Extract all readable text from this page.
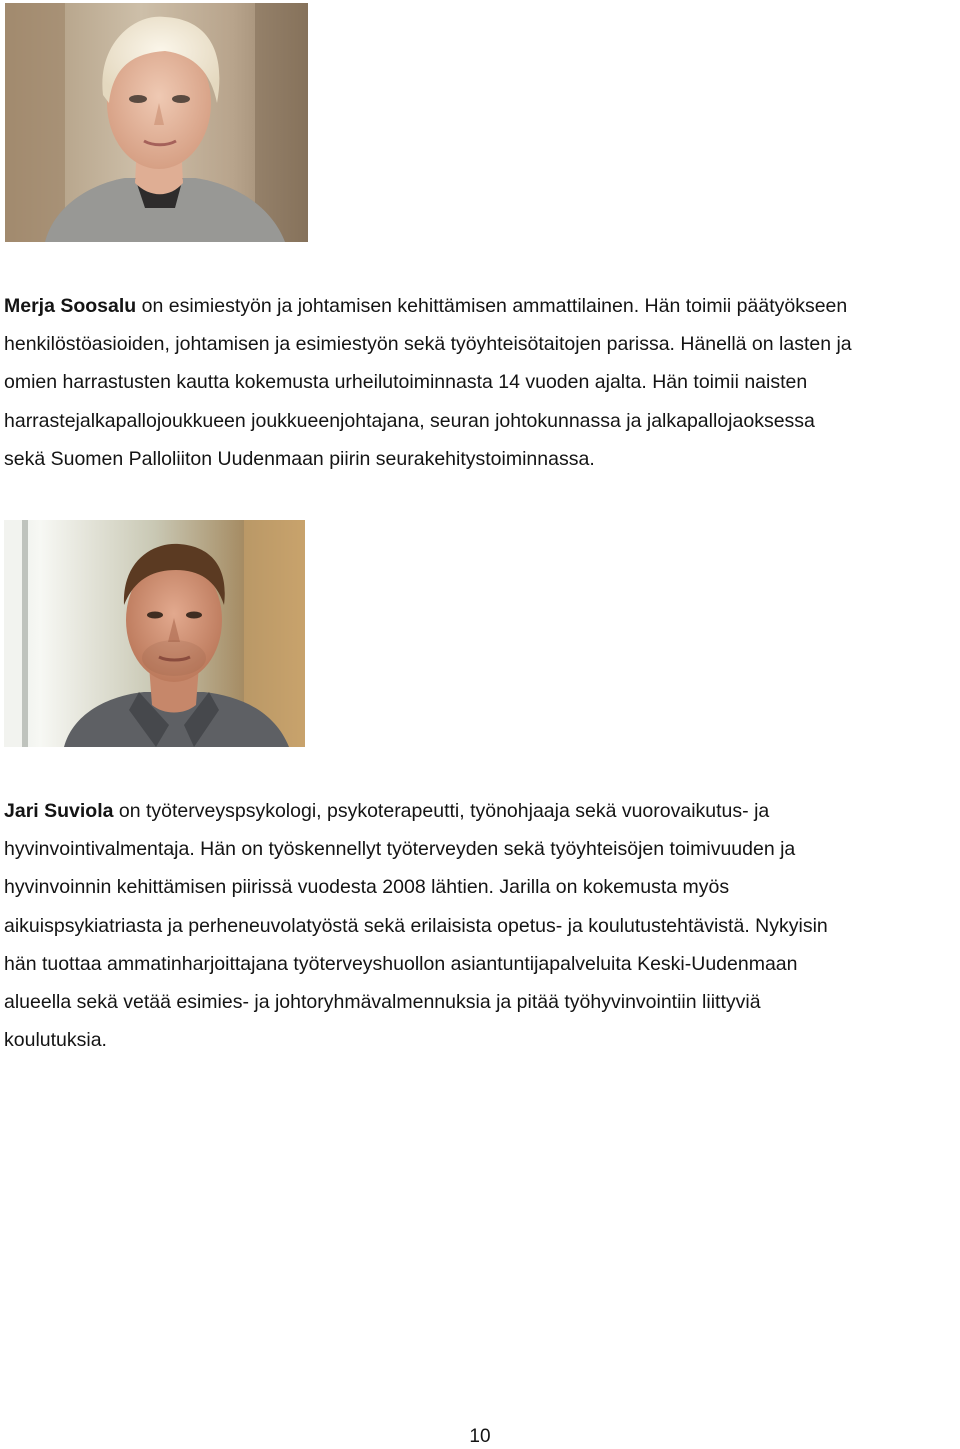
Merja Soosalu on esimiestyön ja johtamisen kehittämisen ammattilainen. Hän toimii päätyökseen
henkilöstöasioiden, johtamisen ja esimiestyön sekä työyhteisötaitojen parissa. Hänellä on lasten ja
omien harrastusten kautta kokemusta urheilutoiminnasta 14 vuoden ajalta. Hän toimii naisten
harrastejalkapallojoukkueen joukkueenjohtajana, seuran johtokunnassa ja jalkapallojaoksessa
sekä Suomen Palloliiton Uudenmaan piirin seurakehitystoiminnassa.
Jari Suviola on työterveyspsykologi, psykoterapeutti, työnohjaaja sekä vuorovaikutus- ja
hyvinvointivalmentaja. Hän on työskennellyt työterveyden sekä työyhteisöjen toimivuuden ja
hyvinvoinnin kehittämisen piirissä vuodesta 2008 lähtien. Jarilla on kokemusta myös
aikuispsykiatriasta ja perheneuvolatyöstä sekä erilaisista opetus- ja koulutustehtävistä. Nykyisin
hän tuottaa ammatinharjoittajana työterveyshuollon asiantuntijapalveluita Keski-Uudenmaan
alueella sekä vetää esimies- ja johtoryhmävalmennuksia ja pitää työhyvinvointiin liittyviä
koulutuksia.
10
